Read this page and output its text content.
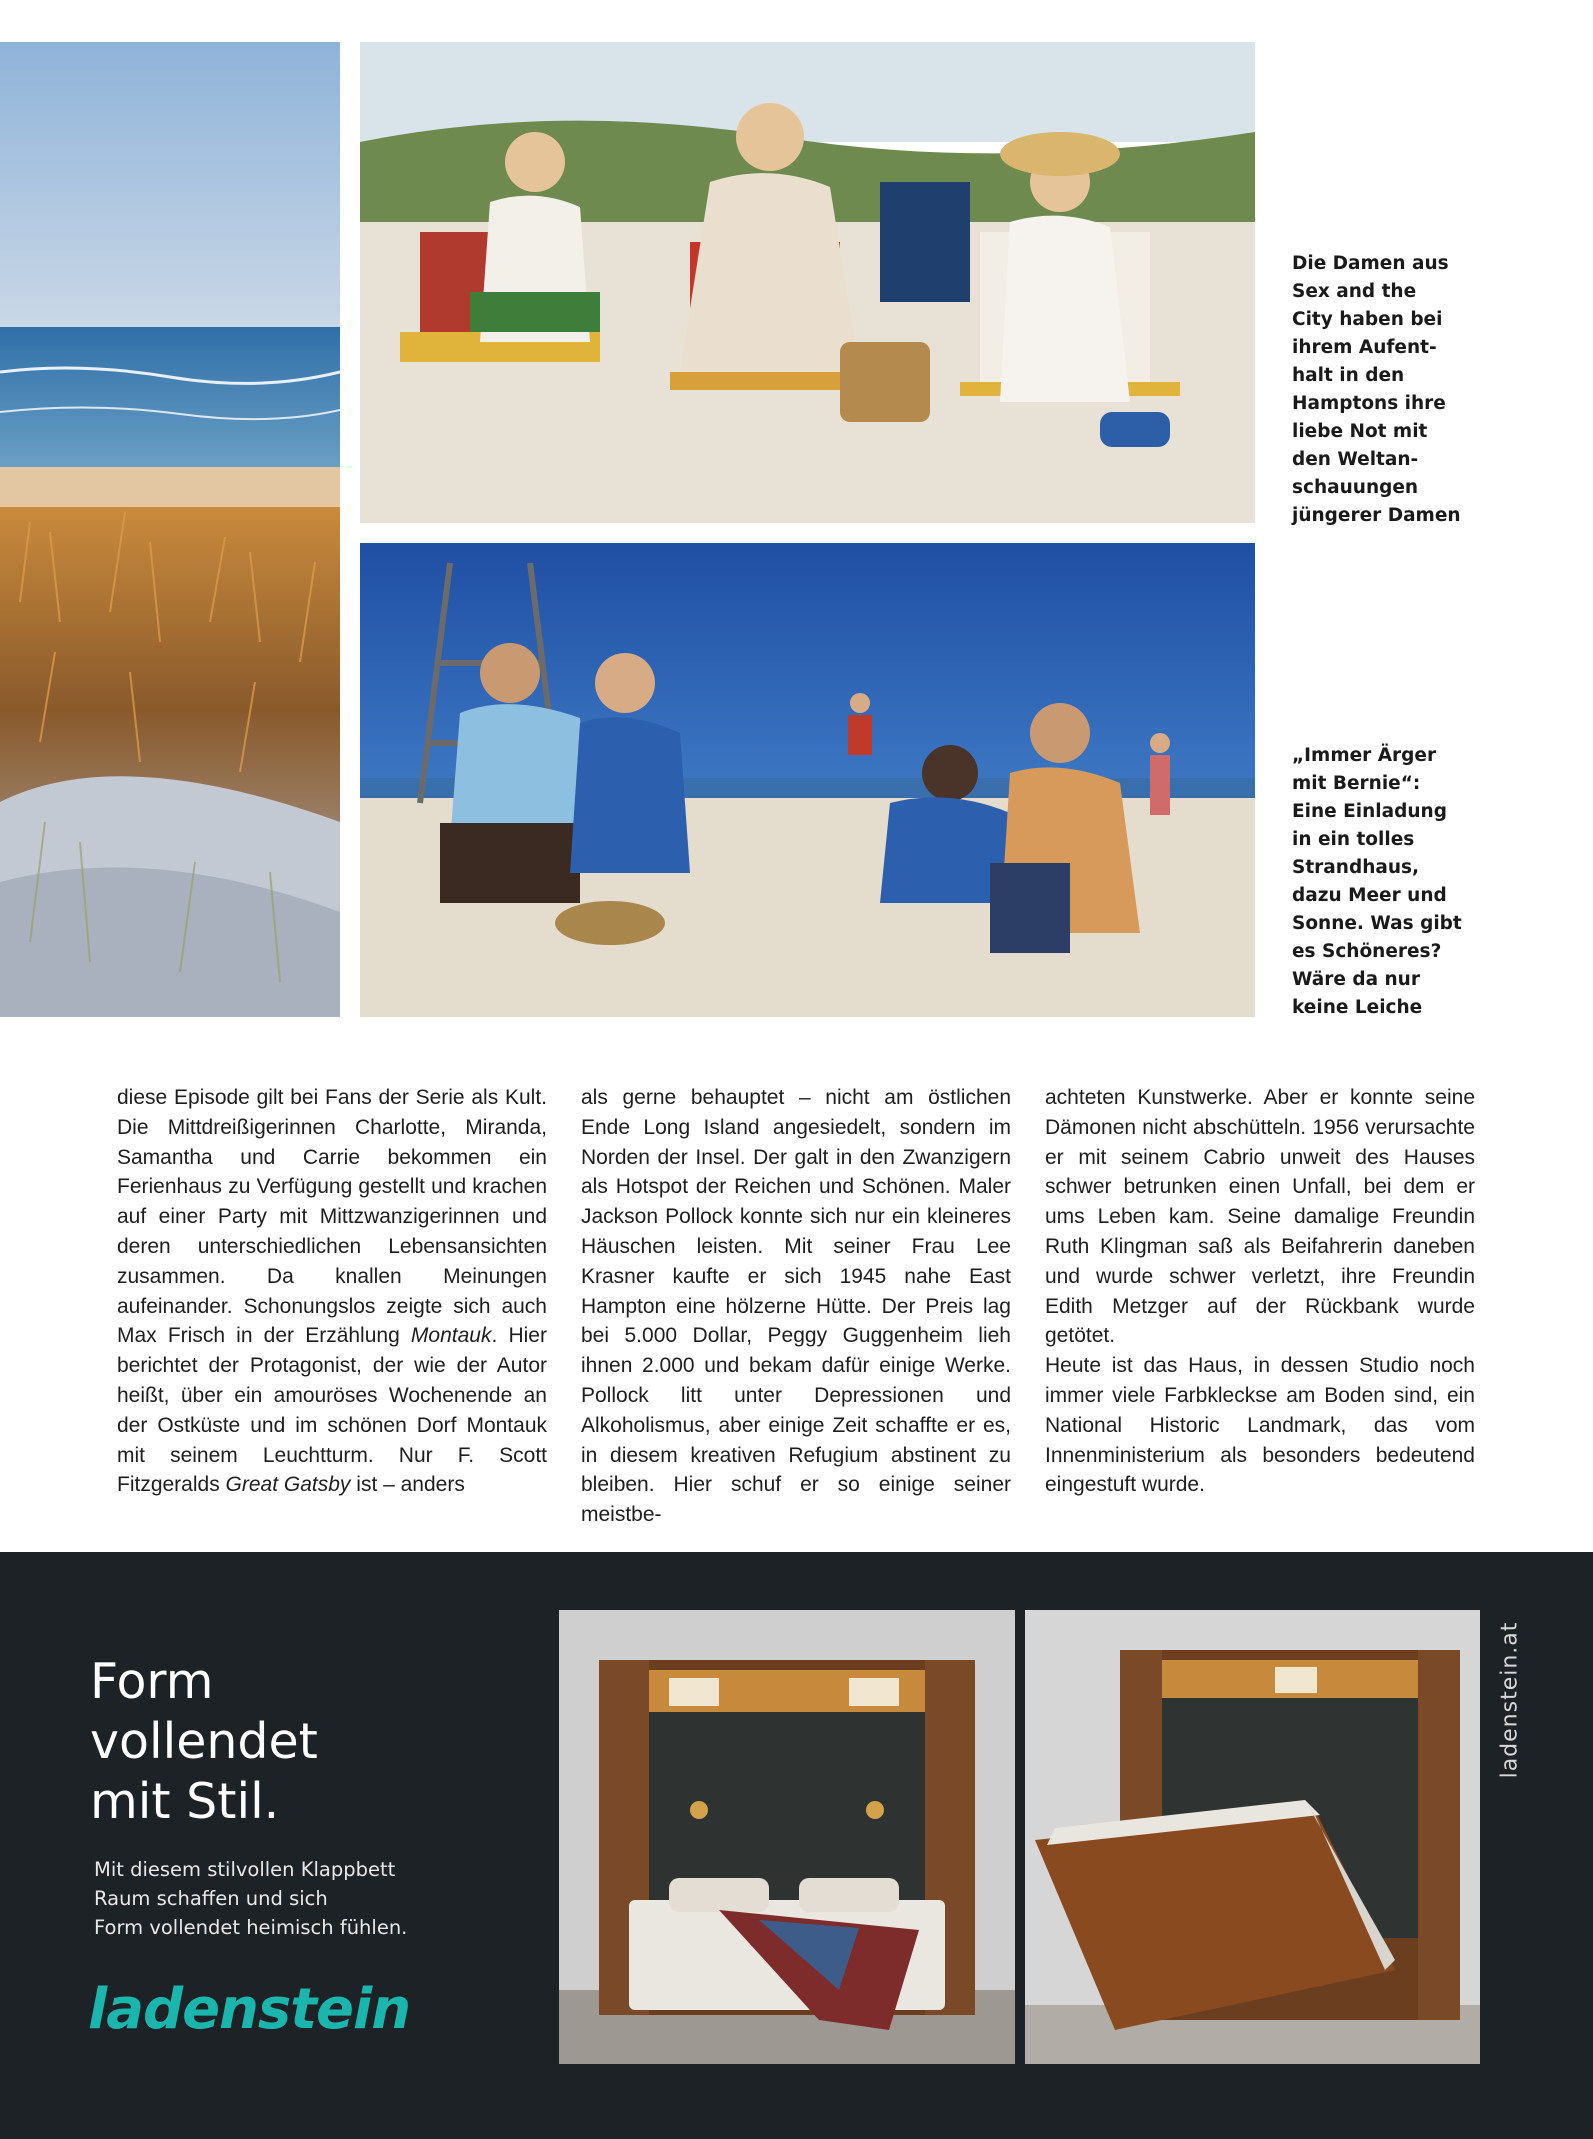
Die Damen aus
Sex and the
City haben bei
ihrem Aufent-
halt in den
Hamptons ihre
liebe Not mit
den Weltan-
schauungen
jüngerer Damen
„Immer Ärger
mit Bernie“:
Eine Einladung
in ein tolles
Strandhaus,
dazu Meer und
Sonne. Was gibt
es Schöneres?
Wäre da nur
keine Leiche

diese Episode gilt bei Fans der Serie als Kult. Die Mittdreißigerinnen Charlotte, Miranda, Samantha und Carrie bekommen ein Ferienhaus zu Verfügung gestellt und krachen auf einer Party mit Mittzwanzigerinnen und deren unterschiedlichen Lebensansichten zusammen. Da knallen Meinungen aufeinander. Schonungslos zeigte sich auch Max Frisch in der Erzählung Montauk. Hier berichtet der Protagonist, der wie der Autor heißt, über ein amouröses Wochenende an der Ostküste und im schönen Dorf Montauk mit seinem Leuchtturm. Nur F. Scott Fitzgeralds Great Gatsby ist – anders

als gerne behauptet – nicht am östlichen Ende Long Island angesiedelt, sondern im Norden der Insel. Der galt in den Zwanzigern als Hotspot der Reichen und Schönen. Maler Jackson Pollock konnte sich nur ein kleineres Häuschen leisten. Mit seiner Frau Lee Krasner kaufte er sich 1945 nahe East Hampton eine hölzerne Hütte. Der Preis lag bei 5.000 Dollar, Peggy Guggenheim lieh ihnen 2.000 und bekam dafür einige Werke. Pollock litt unter Depressionen und Alkoholismus, aber einige Zeit schaffte er es, in diesem kreativen Refugium abstinent zu bleiben. Hier schuf er so einige seiner meistbe-

achteten Kunstwerke. Aber er konnte seine Dämonen nicht abschütteln. 1956 verursachte er mit seinem Cabrio unweit des Hauses schwer betrunken einen Unfall, bei dem er ums Leben kam. Seine damalige Freundin Ruth Klingman saß als Beifahrerin daneben und wurde schwer verletzt, ihre Freundin Edith Metzger auf der Rückbank wurde getötet.

Heute ist das Haus, in dessen Studio noch immer viele Farbkleckse am Boden sind, ein National Historic Landmark, das vom Innenministerium als besonders bedeutend eingestuft wurde.

Form
vollendet
mit Stil.
Mit diesem stilvollen Klappbett
Raum schaffen und sich
Form vollendet heimisch fühlen.
ladenstein
ladenstein.at
